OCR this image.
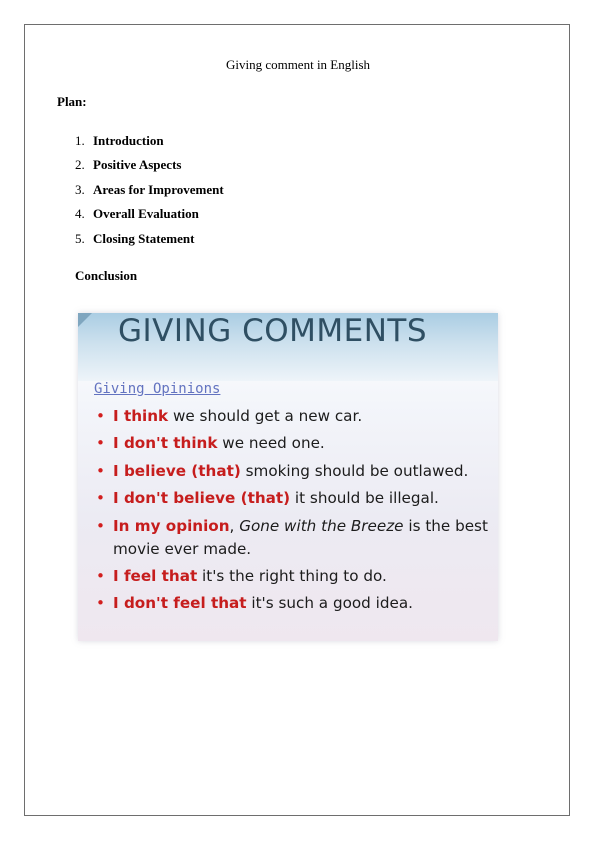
Giving comment in English
Plan:
1. Introduction
2. Positive Aspects
3. Areas for Improvement
4. Overall Evaluation
5. Closing Statement
Conclusion
GIVING COMMENTS
Giving Opinions
• I think we should get a new car.
• I don't think we need one.
• I believe (that) smoking should be outlawed.
• I don't believe (that) it should be illegal.
• In my opinion, Gone with the Breeze is the best movie ever made.
• I feel that it's the right thing to do.
• I don't feel that it's such a good idea.
